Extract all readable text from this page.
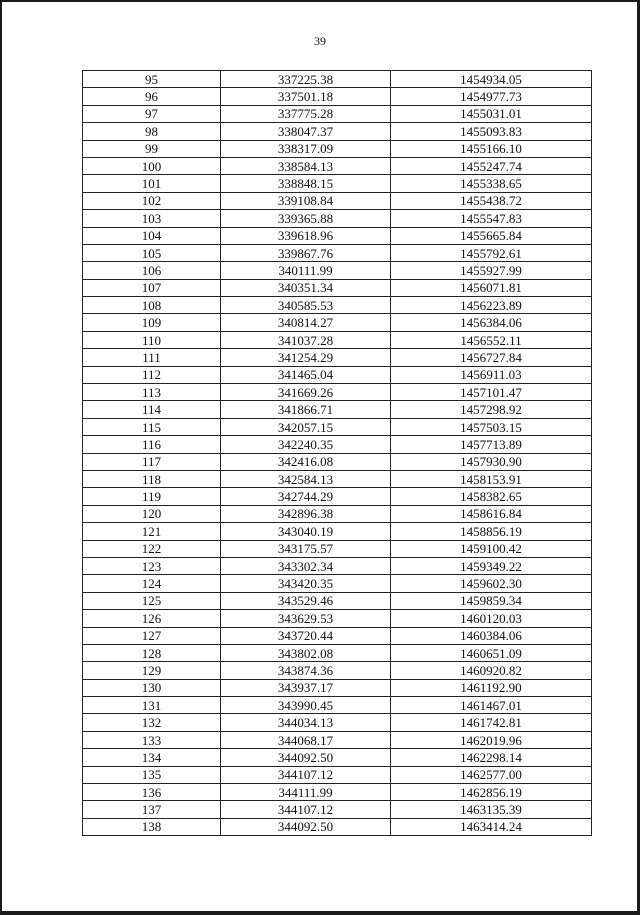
39
95	337225.38	1454934.05
96	337501.18	1454977.73
97	337775.28	1455031.01
98	338047.37	1455093.83
99	338317.09	1455166.10
100	338584.13	1455247.74
101	338848.15	1455338.65
102	339108.84	1455438.72
103	339365.88	1455547.83
104	339618.96	1455665.84
105	339867.76	1455792.61
106	340111.99	1455927.99
107	340351.34	1456071.81
108	340585.53	1456223.89
109	340814.27	1456384.06
110	341037.28	1456552.11
111	341254.29	1456727.84
112	341465.04	1456911.03
113	341669.26	1457101.47
114	341866.71	1457298.92
115	342057.15	1457503.15
116	342240.35	1457713.89
117	342416.08	1457930.90
118	342584.13	1458153.91
119	342744.29	1458382.65
120	342896.38	1458616.84
121	343040.19	1458856.19
122	343175.57	1459100.42
123	343302.34	1459349.22
124	343420.35	1459602.30
125	343529.46	1459859.34
126	343629.53	1460120.03
127	343720.44	1460384.06
128	343802.08	1460651.09
129	343874.36	1460920.82
130	343937.17	1461192.90
131	343990.45	1461467.01
132	344034.13	1461742.81
133	344068.17	1462019.96
134	344092.50	1462298.14
135	344107.12	1462577.00
136	344111.99	1462856.19
137	344107.12	1463135.39
138	344092.50	1463414.24
